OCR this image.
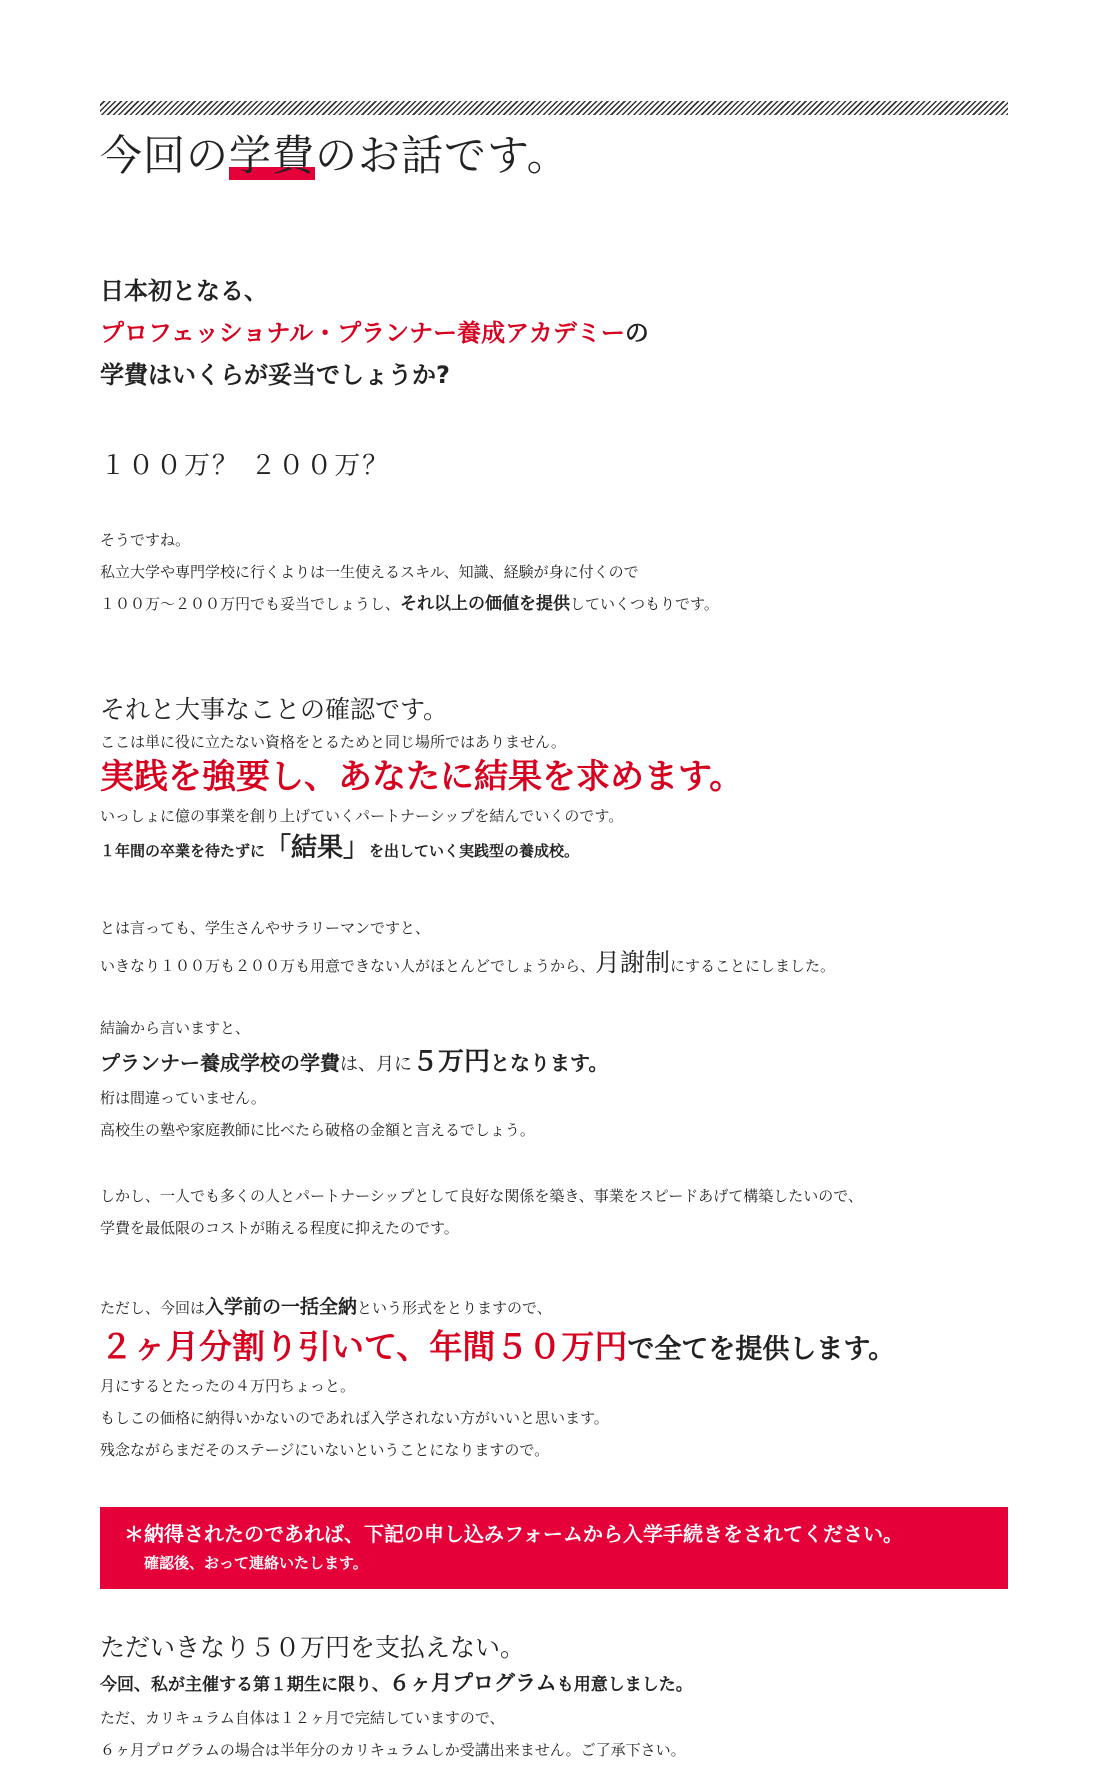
今回の学費のお話です。
日本初となる、
プロフェッショナル・プランナー養成アカデミーの
学費はいくらが妥当でしょうか?
１００万？ ２００万？
そうですね。
私立大学や専門学校に行くよりは一生使えるスキル、知識、経験が身に付くので
１００万～２００万円でも妥当でしょうし、それ以上の価値を提供していくつもりです。
それと大事なことの確認です。
ここは単に役に立たない資格をとるためと同じ場所ではありません。
実践を強要し、あなたに結果を求めます。
いっしょに億の事業を創り上げていくパートナーシップを結んでいくのです。
１年間の卒業を待たずに「結果」を出していく実践型の養成校。
とは言っても、学生さんやサラリーマンですと、
いきなり１００万も２００万も用意できない人がほとんどでしょうから、月謝制にすることにしました。
結論から言いますと、
プランナー養成学校の学費は、月に５万円となります。
桁は間違っていません。
高校生の塾や家庭教師に比べたら破格の金額と言えるでしょう。
しかし、一人でも多くの人とパートナーシップとして良好な関係を築き、事業をスピードあげて構築したいので、
学費を最低限のコストが賄える程度に抑えたのです。
ただし、今回は入学前の一括全納という形式をとりますので、
２ヶ月分割り引いて、年間５０万円で全てを提供します。
月にするとたったの４万円ちょっと。
もしこの価格に納得いかないのであれば入学されない方がいいと思います。
残念ながらまだそのステージにいないということになりますので。
＊納得されたのであれば、下記の申し込みフォームから入学手続きをされてください。
確認後、おって連絡いたします。
ただいきなり５０万円を支払えない。
今回、私が主催する第１期生に限り、６ヶ月プログラムも用意しました。
ただ、カリキュラム自体は１２ヶ月で完結していますので、
６ヶ月プログラムの場合は半年分のカリキュラムしか受講出来ません。ご了承下さい。
